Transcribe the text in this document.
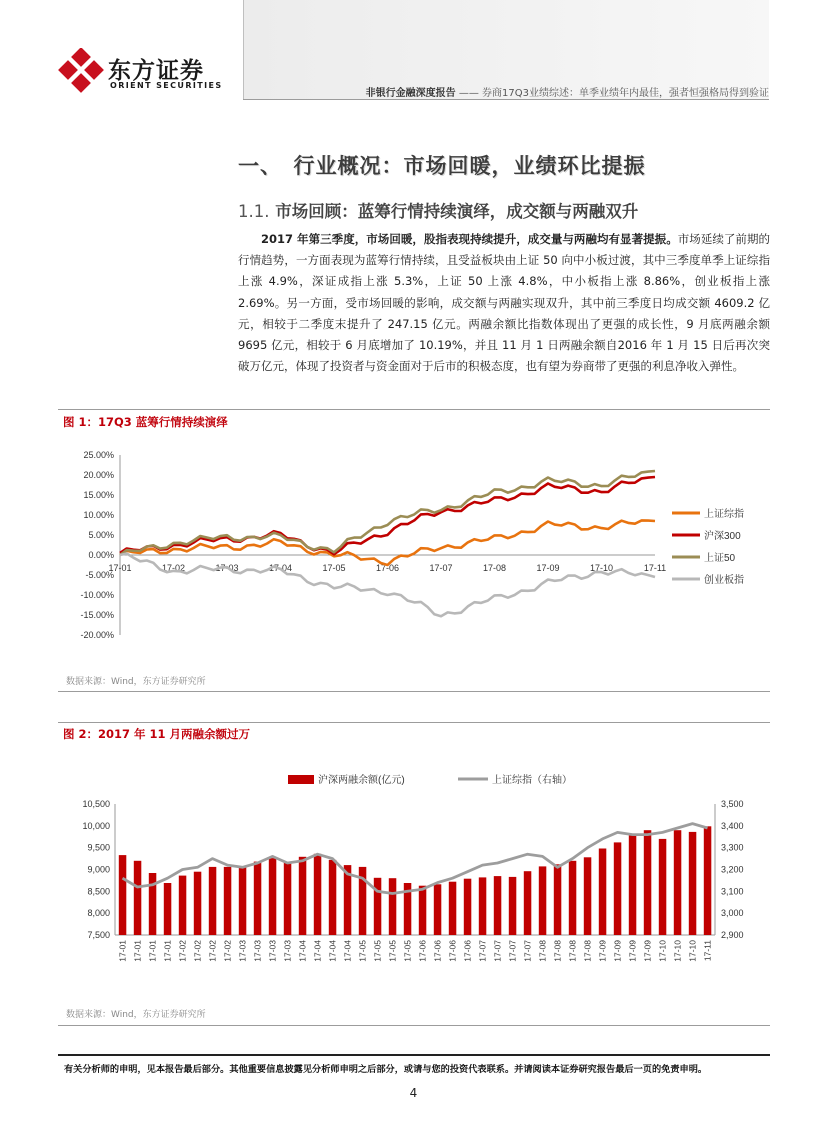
东方证券
ORIENT SECURITIES
非银行金融深度报告 —— 券商17Q3业绩综述：单季业绩年内最佳，强者恒强格局得到验证
一、　行业概况：市场回暖，业绩环比提振
1.1. 市场回顾：蓝筹行情持续演绎，成交额与两融双升
2017 年第三季度，市场回暖，股指表现持续提升，成交量与两融均有显著提振。市场延续了前期的行情趋势，一方面表现为蓝筹行情持续，且受益板块由上证 50 向中小板过渡，其中三季度单季上证综指上涨 4.9%，深证成指上涨 5.3%，上证 50 上涨 4.8%，中小板指上涨 8.86%，创业板指上涨 2.69%。另一方面，受市场回暖的影响，成交额与两融实现双升，其中前三季度日均成交额 4609.2 亿元，相较于二季度末提升了 247.15 亿元。两融余额比指数体现出了更强的成长性，9 月底两融余额 9695 亿元，相较于 6 月底增加了 10.19%，并且 11 月 1 日两融余额自2016 年 1 月 15 日后再次突破万亿元，体现了投资者与资金面对于后市的积极态度，也有望为券商带了更强的利息净收入弹性。
图 1：17Q3 蓝筹行情持续演绎
25.00%
20.00%
15.00%
10.00%
5.00%
0.00%
-5.00%
-10.00%
-15.00%
-20.00%
17-01	17-02	17-03	17-04	17-05	17-06	17-07	17-08	17-09	17-10	17-11
上证综指
沪深300
上证50
创业板指
数据来源：Wind，东方证券研究所
图 2：2017 年 11 月两融余额过万
10,500
10,000
9,500
9,000
8,500
8,000
7,500
3,500
3,400
3,300
3,200
3,100
3,000
2,900
17-01 17-01 17-01 17-01 17-02 17-02 17-02 17-02 17-03 17-03 17-03 17-03 17-04 17-04 17-04 17-04 17-05 17-05 17-05 17-05 17-06 17-06 17-06 17-06 17-07 17-07 17-07 17-07 17-08 17-08 17-08 17-08 17-09 17-09 17-09 17-09 17-10 17-10 17-10 17-11
沪深两融余额(亿元)	上证综指（右轴）
数据来源：Wind，东方证券研究所
有关分析师的申明，见本报告最后部分。其他重要信息披露见分析师申明之后部分，或请与您的投资代表联系。并请阅读本证券研究报告最后一页的免责申明。
4
